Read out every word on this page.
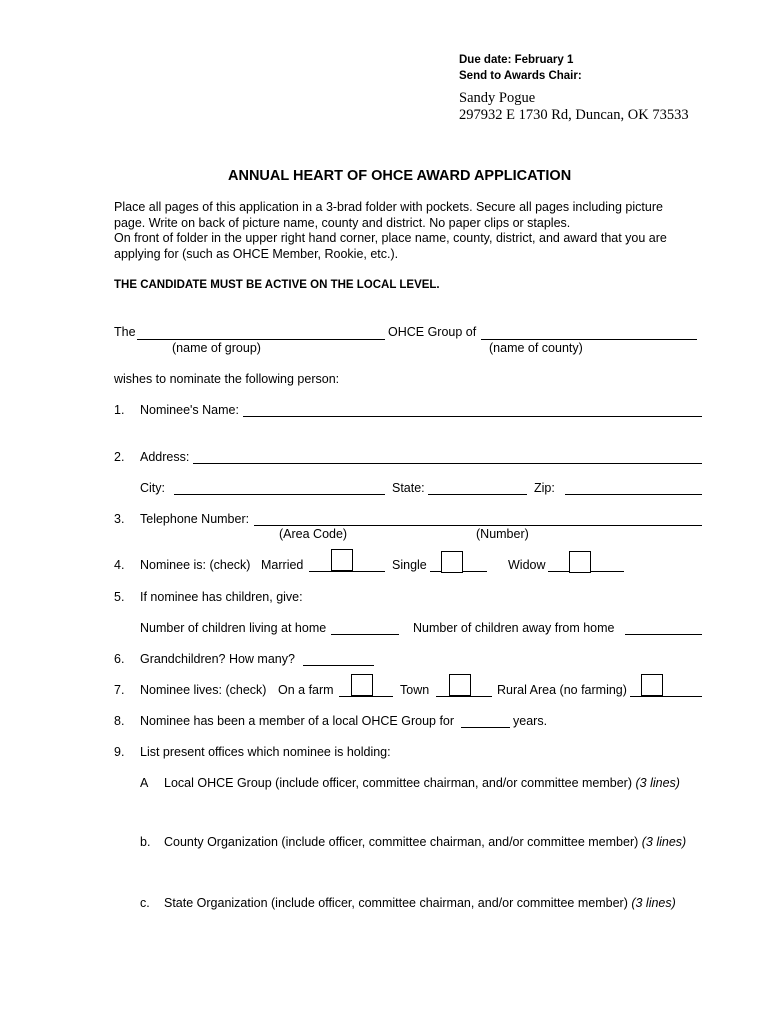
Due date: February 1
Send to Awards Chair:
Sandy Pogue
297932 E 1730 Rd, Duncan, OK 73533
ANNUAL HEART OF OHCE AWARD APPLICATION
Place all pages of this application in a 3-brad folder with pockets. Secure all pages including picture
page. Write on back of picture name, county and district. No paper clips or staples.
On front of folder in the upper right hand corner, place name, county, district, and award that you are
applying for (such as OHCE Member, Rookie, etc.).
THE CANDIDATE MUST BE ACTIVE ON THE LOCAL LEVEL.
The	OHCE Group of
(name of group)	(name of county)
wishes to nominate the following person:
1. Nominee's Name:
2. Address:
City:	State:	Zip:
3. Telephone Number:
(Area Code)	(Number)
4. Nominee is: (check) Married	Single	Widow
5. If nominee has children, give:
Number of children living at home	Number of children away from home
6. Grandchildren? How many?
7. Nominee lives: (check) On a farm	Town	Rural Area (no farming)
8. Nominee has been a member of a local OHCE Group for	years.
9. List present offices which nominee is holding:
A Local OHCE Group (include officer, committee chairman, and/or committee member) (3 lines)
b. County Organization (include officer, committee chairman, and/or committee member) (3 lines)
c. State Organization (include officer, committee chairman, and/or committee member) (3 lines)
